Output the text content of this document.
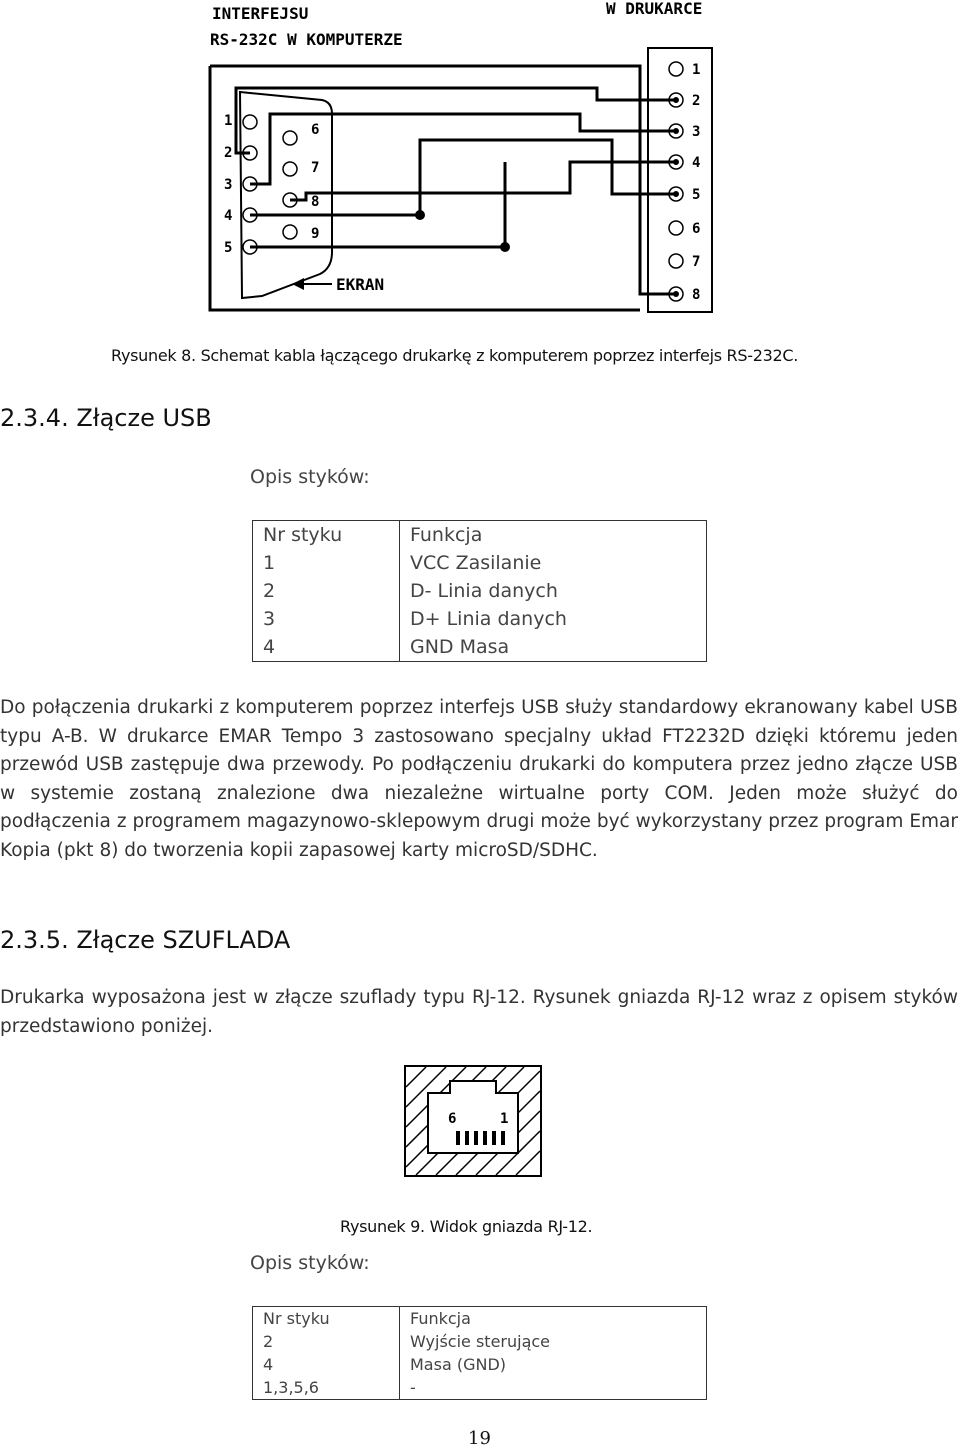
INTERFEJSU
RS-232C W KOMPUTERZE
W DRUKARCE
1
2
3
4
5
6
7
8
9
1
2
3
4
5
6
7
8
EKRAN
Rysunek 8. Schemat kabla łączącego drukarkę z komputerem poprzez interfejs RS-232C.
2.3.4. Złącze USB
Opis styków:
Nr styku	Funkcja
1	VCC Zasilanie
2	D- Linia danych
3	D+ Linia danych
4	GND Masa
Do połączenia drukarki z komputerem poprzez interfejs USB służy standardowy ekranowany kabel USB typu A-B. W drukarce EMAR Tempo 3 zastosowano specjalny układ FT2232D dzięki któremu jeden przewód USB zastępuje dwa przewody. Po podłączeniu drukarki do komputera przez jedno złącze USB w systemie zostaną znalezione dwa niezależne wirtualne porty COM. Jeden może służyć do podłączenia z programem magazynowo-sklepowym drugi może być wykorzystany przez program Emar Kopia (pkt 8) do tworzenia kopii zapasowej karty microSD/SDHC.
2.3.5. Złącze SZUFLADA
Drukarka wyposażona jest w złącze szuflady typu RJ-12. Rysunek gniazda RJ-12 wraz z opisem styków przedstawiono poniżej.
6	1
Rysunek 9. Widok gniazda RJ-12.
Opis styków:
Nr styku	Funkcja
2	Wyjście sterujące
4	Masa (GND)
1,3,5,6	-
19
